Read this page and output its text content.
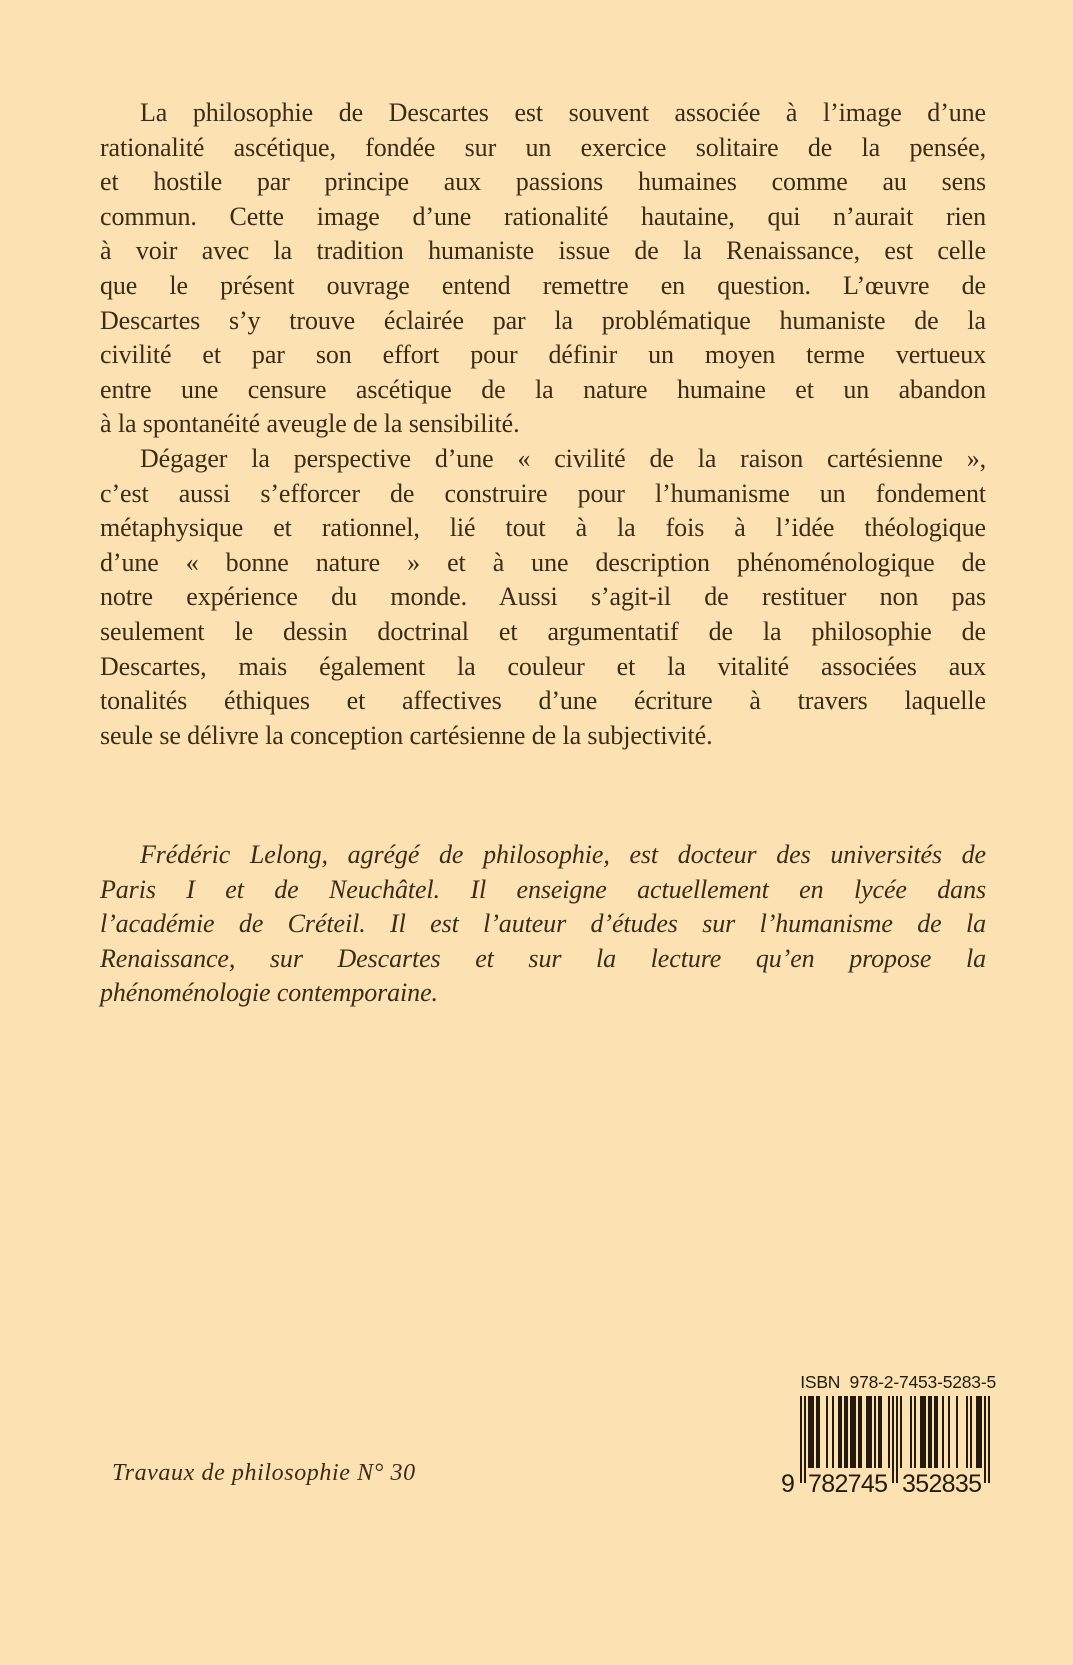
La philosophie de Descartes est souvent associée à l’image d’une
rationalité ascétique, fondée sur un exercice solitaire de la pensée,
et hostile par principe aux passions humaines comme au sens
commun. Cette image d’une rationalité hautaine, qui n’aurait rien
à voir avec la tradition humaniste issue de la Renaissance, est celle
que le présent ouvrage entend remettre en question. L’œuvre de
Descartes s’y trouve éclairée par la problématique humaniste de la
civilité et par son effort pour définir un moyen terme vertueux
entre une censure ascétique de la nature humaine et un abandon
à la spontanéité aveugle de la sensibilité.
Dégager la perspective d’une « civilité de la raison cartésienne »,
c’est aussi s’efforcer de construire pour l’humanisme un fondement
métaphysique et rationnel, lié tout à la fois à l’idée théologique
d’une « bonne nature » et à une description phénoménologique de
notre expérience du monde. Aussi s’agit-il de restituer non pas
seulement le dessin doctrinal et argumentatif de la philosophie de
Descartes, mais également la couleur et la vitalité associées aux
tonalités éthiques et affectives d’une écriture à travers laquelle
seule se délivre la conception cartésienne de la subjectivité.
Frédéric Lelong, agrégé de philosophie, est docteur des universités de
Paris I et de Neuchâtel. Il enseigne actuellement en lycée dans
l’académie de Créteil. Il est l’auteur d’études sur l’humanisme de la
Renaissance, sur Descartes et sur la lecture qu’en propose la
phénoménologie contemporaine.
Travaux de philosophie N° 30
ISBN  978-2-7453-5283-5
9 782745 352835
